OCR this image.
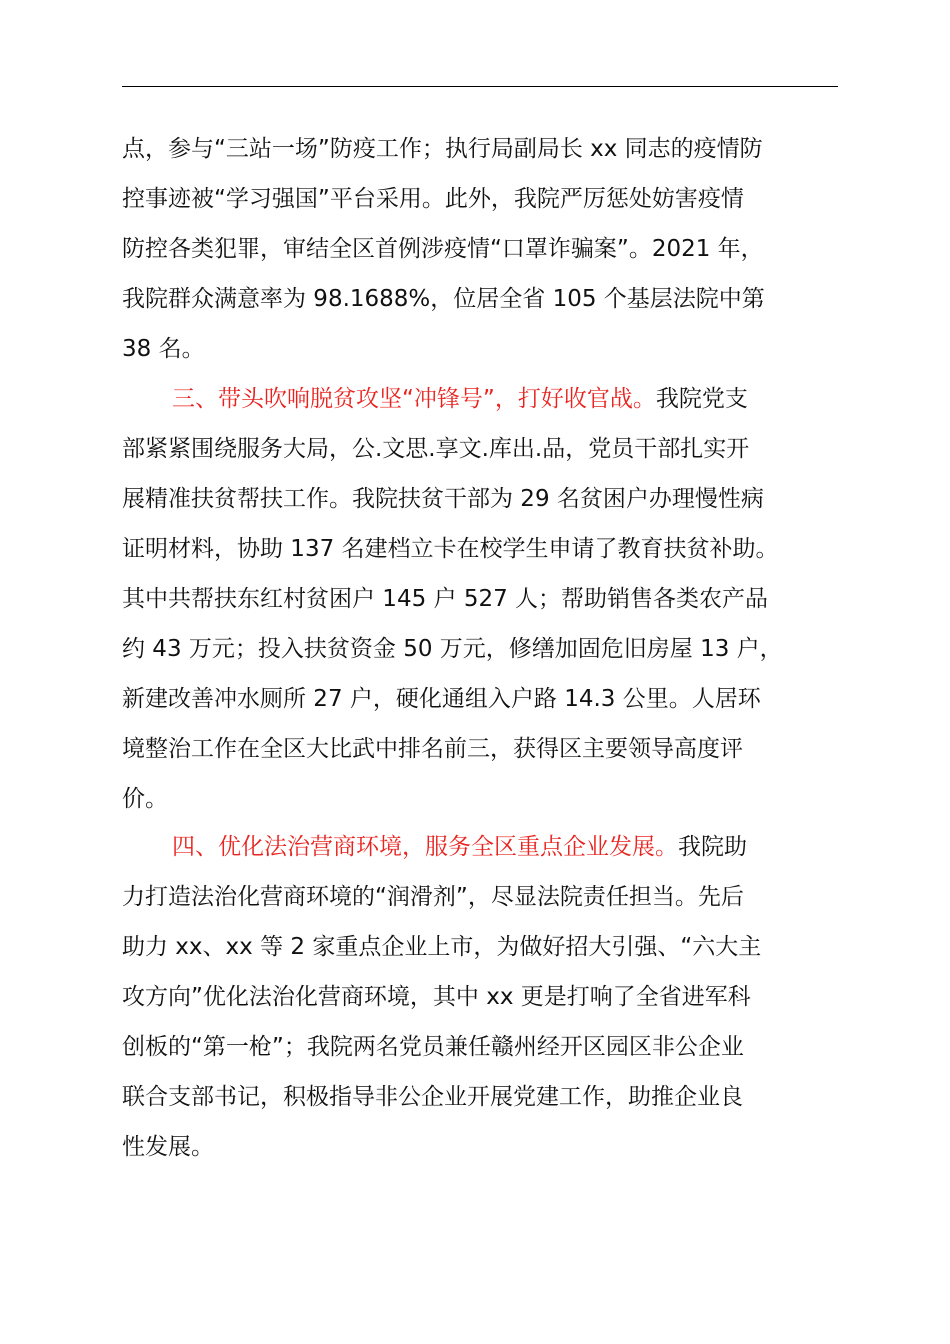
点，参与“三站一场”防疫工作；执行局副局长 xx 同志的疫情防
控事迹被“学习强国”平台采用。此外，我院严厉惩处妨害疫情
防控各类犯罪，审结全区首例涉疫情“口罩诈骗案”。2021 年，
我院群众满意率为 98.1688%，位居全省 105 个基层法院中第
38 名。
三、带头吹响脱贫攻坚“冲锋号”，打好收官战。我院党支
部紧紧围绕服务大局，公.文思.享文.库出.品，党员干部扎实开
展精准扶贫帮扶工作。我院扶贫干部为 29 名贫困户办理慢性病
证明材料，协助 137 名建档立卡在校学生申请了教育扶贫补助。
其中共帮扶东红村贫困户 145 户 527 人；帮助销售各类农产品
约 43 万元；投入扶贫资金 50 万元，修缮加固危旧房屋 13 户，
新建改善冲水厕所 27 户，硬化通组入户路 14.3 公里。人居环
境整治工作在全区大比武中排名前三，获得区主要领导高度评
价。
四、优化法治营商环境，服务全区重点企业发展。我院助
力打造法治化营商环境的“润滑剂”，尽显法院责任担当。先后
助力 xx、xx 等 2 家重点企业上市，为做好招大引强、“六大主
攻方向”优化法治化营商环境，其中 xx 更是打响了全省进军科
创板的“第一枪”；我院两名党员兼任赣州经开区园区非公企业
联合支部书记，积极指导非公企业开展党建工作，助推企业良
性发展。
